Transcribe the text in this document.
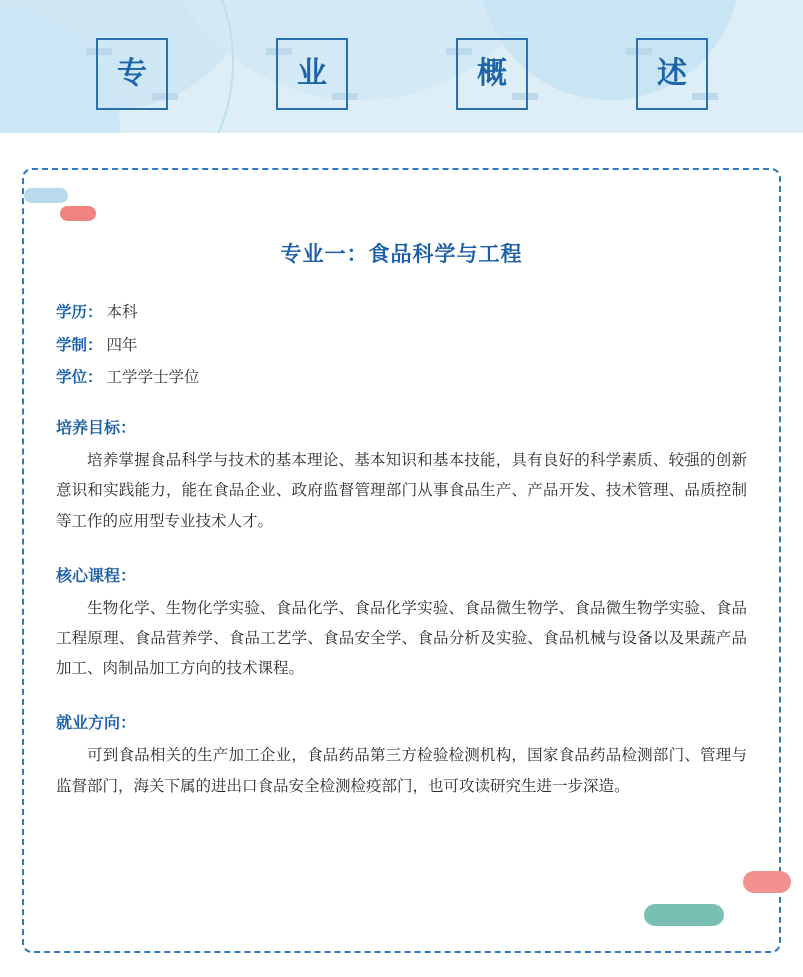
专	业	概	述
专业一：食品科学与工程
学历： 本科
学制： 四年
学位： 工学学士学位
培养目标：
培养掌握食品科学与技术的基本理论、基本知识和基本技能，具有良好的科学素质、较强的创新意识和实践能力，能在食品企业、政府监督管理部门从事食品生产、产品开发、技术管理、品质控制等工作的应用型专业技术人才。
核心课程：
生物化学、生物化学实验、食品化学、食品化学实验、食品微生物学、食品微生物学实验、食品工程原理、食品营养学、食品工艺学、食品安全学、食品分析及实验、食品机械与设备以及果蔬产品加工、肉制品加工方向的技术课程。
就业方向：
可到食品相关的生产加工企业，食品药品第三方检验检测机构，国家食品药品检测部门、管理与监督部门，海关下属的进出口食品安全检测检疫部门，也可攻读研究生进一步深造。
